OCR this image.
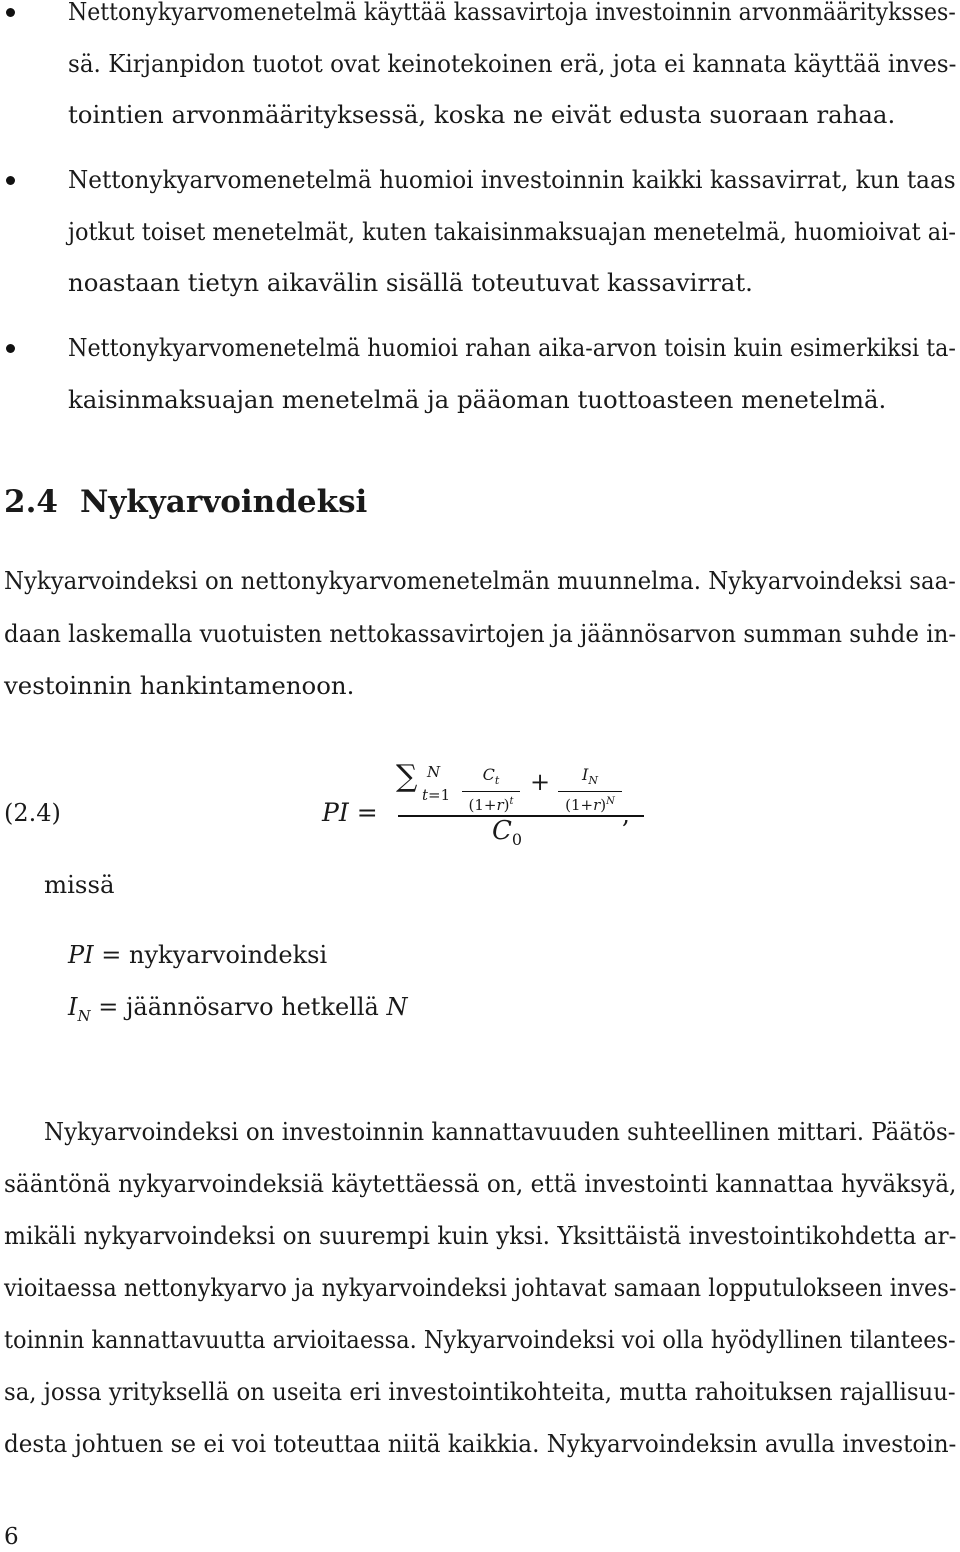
Nettonykyarvomenetelmä käyttää kassavirtoja investoinnin arvonmäärityksses-
sä. Kirjanpidon tuotot ovat keinotekoinen erä, jota ei kannata käyttää inves-
tointien arvonmäärityksessä, koska ne eivät edusta suoraan rahaa.
Nettonykyarvomenetelmä huomioi investoinnin kaikki kassavirrat, kun taas
jotkut toiset menetelmät, kuten takaisinmaksuajan menetelmä, huomioivat ai-
noastaan tietyn aikavälin sisällä toteutuvat kassavirrat.
Nettonykyarvomenetelmä huomioi rahan aika-arvon toisin kuin esimerkiksi ta-
kaisinmaksuajan menetelmä ja pääoman tuottoasteen menetelmä.
2.4 Nykyarvoindeksi
Nykyarvoindeksi on nettonykyarvomenetelmän muunnelma. Nykyarvoindeksi saa-
daan laskemalla vuotuisten nettokassavirtojen ja jäännösarvon summan suhde in-
vestoinnin hankintamenoon.
(2.4)	PI =
∑ N
t=1
$C_t$
$(1+r)^t$
+	$I_N$
$(1+r)^N$
$C_0$
,
missä
PI = nykyarvoindeksi
$I_N$ = jäännösarvo hetkellä N
Nykyarvoindeksi on investoinnin kannattavuuden suhteellinen mittari. Päätös-
sääntönä nykyarvoindeksiä käytettäessä on, että investointi kannattaa hyväksyä,
mikäli nykyarvoindeksi on suurempi kuin yksi. Yksittäistä investointikohdetta ar-
vioitaessa nettonykyarvo ja nykyarvoindeksi johtavat samaan lopputulokseen inves-
toinnin kannattavuutta arvioitaessa. Nykyarvoindeksi voi olla hyödyllinen tilantees-
sa, jossa yrityksellä on useita eri investointikohteita, mutta rahoituksen rajallisuu-
desta johtuen se ei voi toteuttaa niitä kaikkia. Nykyarvoindeksin avulla investoin-
6
